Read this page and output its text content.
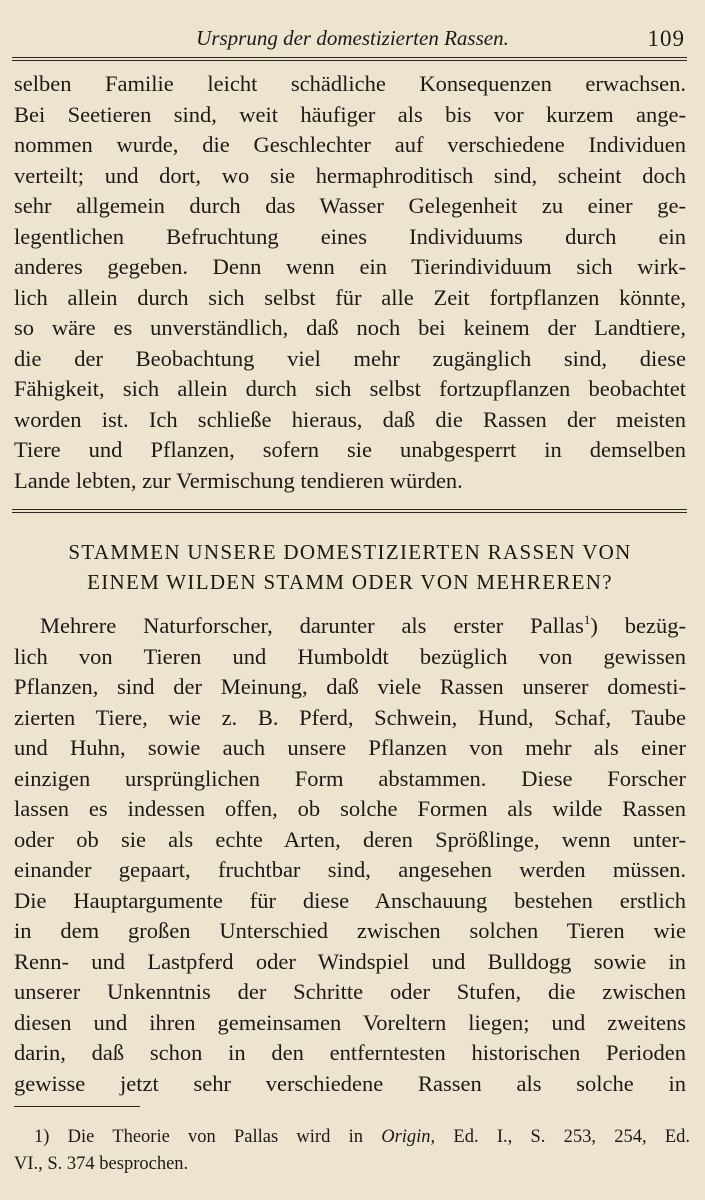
Ursprung der domestizierten Rassen.	109
selben Familie leicht schädliche Konsequenzen erwachsen.
Bei Seetieren sind, weit häufiger als bis vor kurzem ange-
nommen wurde, die Geschlechter auf verschiedene Individuen
verteilt; und dort, wo sie hermaphroditisch sind, scheint doch
sehr allgemein durch das Wasser Gelegenheit zu einer ge-
legentlichen Befruchtung eines Individuums durch ein
anderes gegeben. Denn wenn ein Tierindividuum sich wirk-
lich allein durch sich selbst für alle Zeit fortpflanzen könnte,
so wäre es unverständlich, daß noch bei keinem der Landtiere,
die der Beobachtung viel mehr zugänglich sind, diese
Fähigkeit, sich allein durch sich selbst fortzupflanzen beobachtet
worden ist. Ich schließe hieraus, daß die Rassen der meisten
Tiere und Pflanzen, sofern sie unabgesperrt in demselben
Lande lebten, zur Vermischung tendieren würden.
STAMMEN UNSERE DOMESTIZIERTEN RASSEN VON
EINEM WILDEN STAMM ODER VON MEHREREN?
Mehrere Naturforscher, darunter als erster Pallas$^1$) bezüg-
lich von Tieren und Humboldt bezüglich von gewissen
Pflanzen, sind der Meinung, daß viele Rassen unserer domesti-
zierten Tiere, wie z. B. Pferd, Schwein, Hund, Schaf, Taube
und Huhn, sowie auch unsere Pflanzen von mehr als einer
einzigen ursprünglichen Form abstammen. Diese Forscher
lassen es indessen offen, ob solche Formen als wilde Rassen
oder ob sie als echte Arten, deren Sprößlinge, wenn unter-
einander gepaart, fruchtbar sind, angesehen werden müssen.
Die Hauptargumente für diese Anschauung bestehen erstlich
in dem großen Unterschied zwischen solchen Tieren wie
Renn- und Lastpferd oder Windspiel und Bulldogg sowie in
unserer Unkenntnis der Schritte oder Stufen, die zwischen
diesen und ihren gemeinsamen Voreltern liegen; und zweitens
darin, daß schon in den entferntesten historischen Perioden
gewisse jetzt sehr verschiedene Rassen als solche in
1) Die Theorie von Pallas wird in Origin, Ed. I., S. 253, 254, Ed.
VI., S. 374 besprochen.
